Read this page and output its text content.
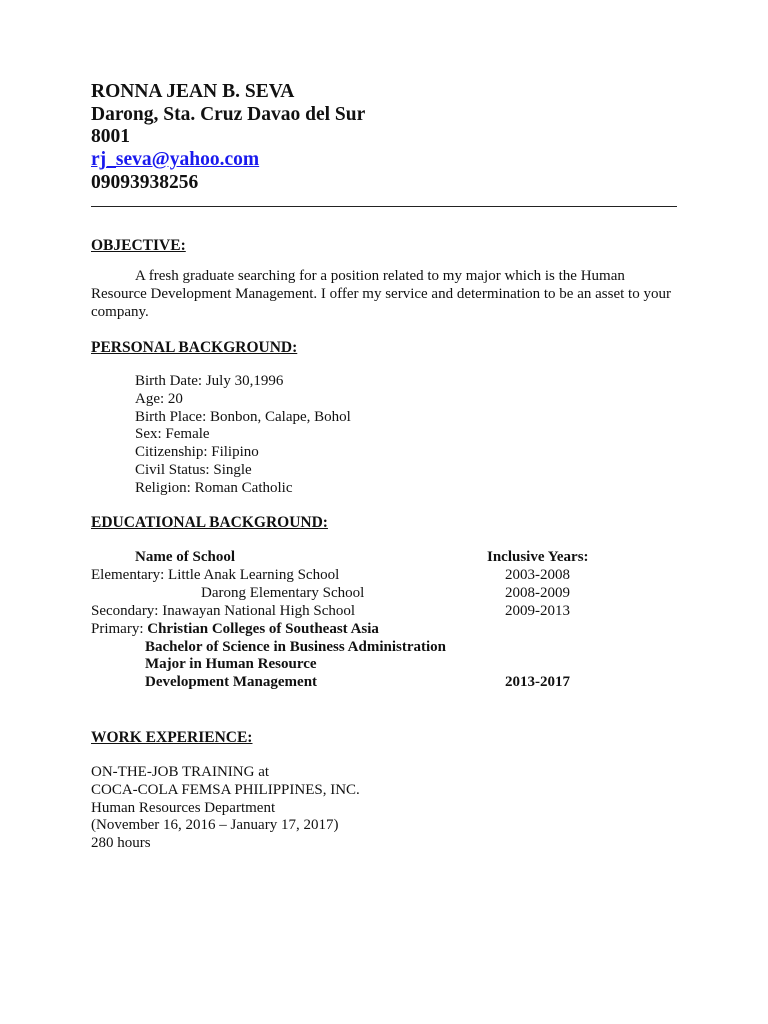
RONNA JEAN B. SEVA
Darong, Sta. Cruz Davao del Sur
8001
rj_seva@yahoo.com
09093938256
OBJECTIVE:
A fresh graduate searching for a position related to my major which is the Human Resource Development Management. I offer my service and determination to be an asset to your company.
PERSONAL BACKGROUND:
Birth Date: July 30,1996
Age: 20
Birth Place: Bonbon, Calape, Bohol
Sex: Female
Citizenship: Filipino
Civil Status: Single
Religion: Roman Catholic
EDUCATIONAL BACKGROUND:
Name of School	Inclusive Years:
Elementary: Little Anak Learning School	2003-2008
Darong Elementary School	2008-2009
Secondary: Inawayan National High School	2009-2013
Primary: Christian Colleges of Southeast Asia
Bachelor of Science in Business Administration
Major in Human Resource
Development Management	2013-2017
WORK EXPERIENCE:
ON-THE-JOB TRAINING at
COCA-COLA FEMSA PHILIPPINES, INC.
Human Resources Department
(November 16, 2016 – January 17, 2017)
280 hours
